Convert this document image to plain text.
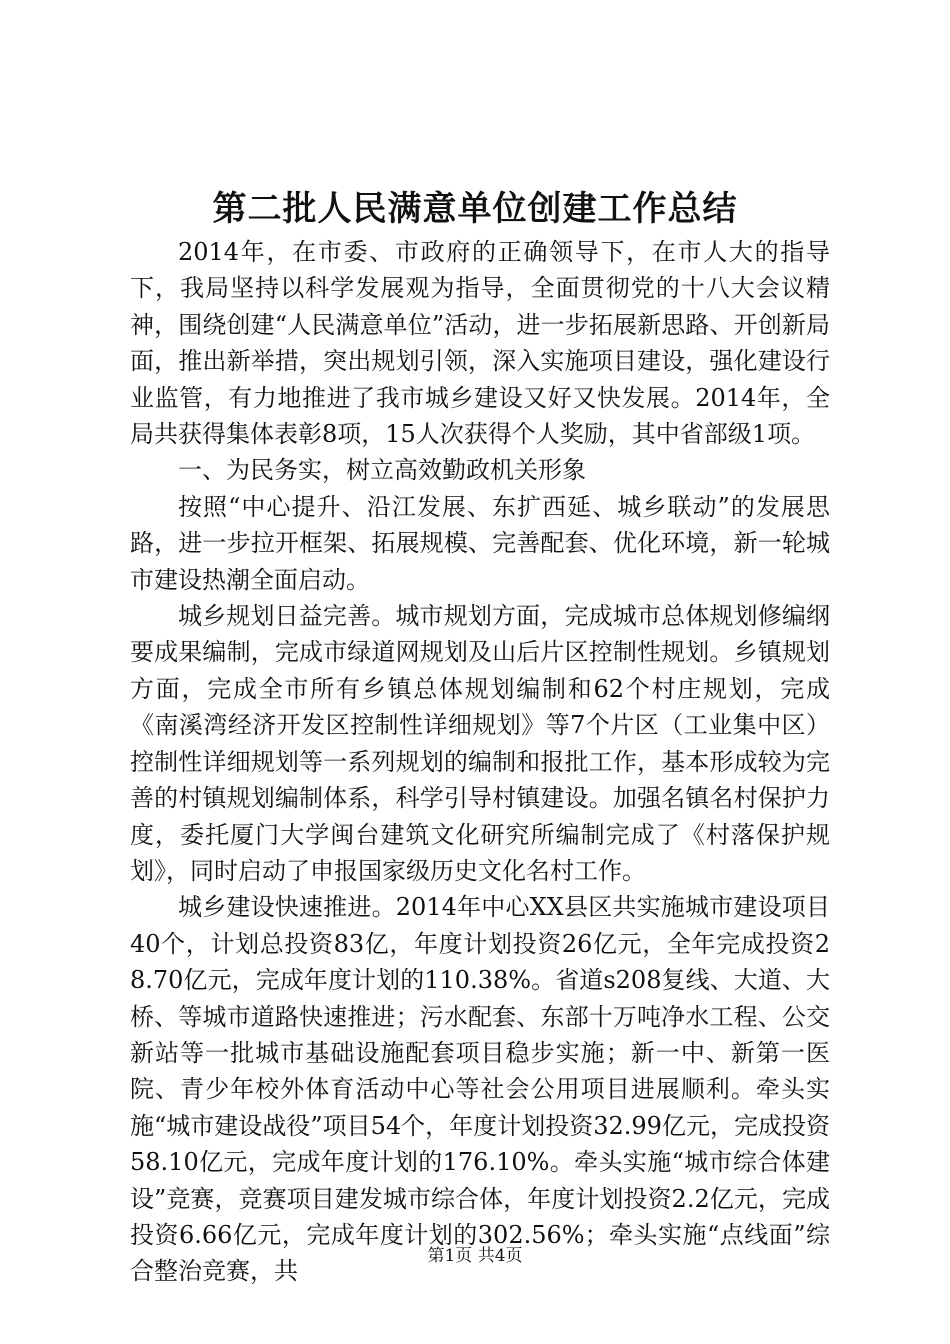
第二批人民满意单位创建工作总结

2014年，在市委、市政府的正确领导下，在市人大的指导下，我局坚持以科学发展观为指导，全面贯彻党的十八大会议精神，围绕创建“人民满意单位”活动，进一步拓展新思路、开创新局面，推出新举措，突出规划引领，深入实施项目建设，强化建设行业监管，有力地推进了我市城乡建设又好又快发展。2014年，全局共获得集体表彰8项，15人次获得个人奖励，其中省部级1项。

一、为民务实，树立高效勤政机关形象

按照“中心提升、沿江发展、东扩西延、城乡联动”的发展思路，进一步拉开框架、拓展规模、完善配套、优化环境，新一轮城市建设热潮全面启动。

城乡规划日益完善。城市规划方面，完成城市总体规划修编纲要成果编制，完成市绿道网规划及山后片区控制性规划。乡镇规划方面，完成全市所有乡镇总体规划编制和62个村庄规划，完成《南溪湾经济开发区控制性详细规划》等7个片区（工业集中区）控制性详细规划等一系列规划的编制和报批工作，基本形成较为完善的村镇规划编制体系，科学引导村镇建设。加强名镇名村保护力度，委托厦门大学闽台建筑文化研究所编制完成了《村落保护规划》，同时启动了申报国家级历史文化名村工作。

城乡建设快速推进。2014年中心XX县区共实施城市建设项目40个，计划总投资83亿，年度计划投资26亿元，全年完成投资28.70亿元，完成年度计划的110.38%。省道s208复线、大道、大桥、等城市道路快速推进；污水配套、东部十万吨净水工程、公交新站等一批城市基础设施配套项目稳步实施；新一中、新第一医院、青少年校外体育活动中心等社会公用项目进展顺利。牵头实施“城市建设战役”项目54个，年度计划投资32.99亿元，完成投资58.10亿元，完成年度计划的176.10%。牵头实施“城市综合体建设”竞赛，竞赛项目建发城市综合体，年度计划投资2.2亿元，完成投资6.66亿元，完成年度计划的302.56%；牵头实施“点线面”综合整治竞赛，共

第1页 共4页
